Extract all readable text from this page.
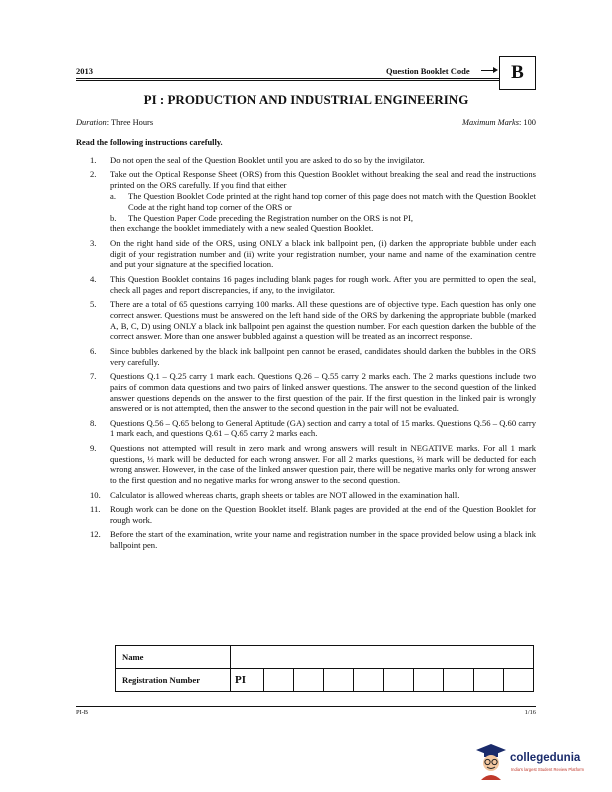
2013	Question Booklet Code	B
PI : PRODUCTION AND INDUSTRIAL ENGINEERING
Duration: Three Hours	Maximum Marks: 100
Read the following instructions carefully.
1. Do not open the seal of the Question Booklet until you are asked to do so by the invigilator.
2. Take out the Optical Response Sheet (ORS) from this Question Booklet without breaking the seal and read the instructions printed on the ORS carefully. If you find that either
a. The Question Booklet Code printed at the right hand top corner of this page does not match with the Question Booklet Code at the right hand top corner of the ORS or
b. The Question Paper Code preceding the Registration number on the ORS is not PI,
then exchange the booklet immediately with a new sealed Question Booklet.
3. On the right hand side of the ORS, using ONLY a black ink ballpoint pen, (i) darken the appropriate bubble under each digit of your registration number and (ii) write your registration number, your name and name of the examination centre and put your signature at the specified location.
4. This Question Booklet contains 16 pages including blank pages for rough work. After you are permitted to open the seal, check all pages and report discrepancies, if any, to the invigilator.
5. There are a total of 65 questions carrying 100 marks. All these questions are of objective type. Each question has only one correct answer. Questions must be answered on the left hand side of the ORS by darkening the appropriate bubble (marked A, B, C, D) using ONLY a black ink ballpoint pen against the question number. For each question darken the bubble of the correct answer. More than one answer bubbled against a question will be treated as an incorrect response.
6. Since bubbles darkened by the black ink ballpoint pen cannot be erased, candidates should darken the bubbles in the ORS very carefully.
7. Questions Q.1 – Q.25 carry 1 mark each. Questions Q.26 – Q.55 carry 2 marks each. The 2 marks questions include two pairs of common data questions and two pairs of linked answer questions. The answer to the second question of the linked answer questions depends on the answer to the first question of the pair. If the first question in the linked pair is wrongly answered or is not attempted, then the answer to the second question in the pair will not be evaluated.
8. Questions Q.56 – Q.65 belong to General Aptitude (GA) section and carry a total of 15 marks. Questions Q.56 – Q.60 carry 1 mark each, and questions Q.61 – Q.65 carry 2 marks each.
9. Questions not attempted will result in zero mark and wrong answers will result in NEGATIVE marks. For all 1 mark questions, ⅓ mark will be deducted for each wrong answer. For all 2 marks questions, ⅔ mark will be deducted for each wrong answer. However, in the case of the linked answer question pair, there will be negative marks only for wrong answer to the first question and no negative marks for wrong answer to the second question.
10. Calculator is allowed whereas charts, graph sheets or tables are NOT allowed in the examination hall.
11. Rough work can be done on the Question Booklet itself. Blank pages are provided at the end of the Question Booklet for rough work.
12. Before the start of the examination, write your name and registration number in the space provided below using a black ink ballpoint pen.
Name										
Registration Number	PI									
PI-B	1/16
collegedunia
India's largest Student Review Platform
